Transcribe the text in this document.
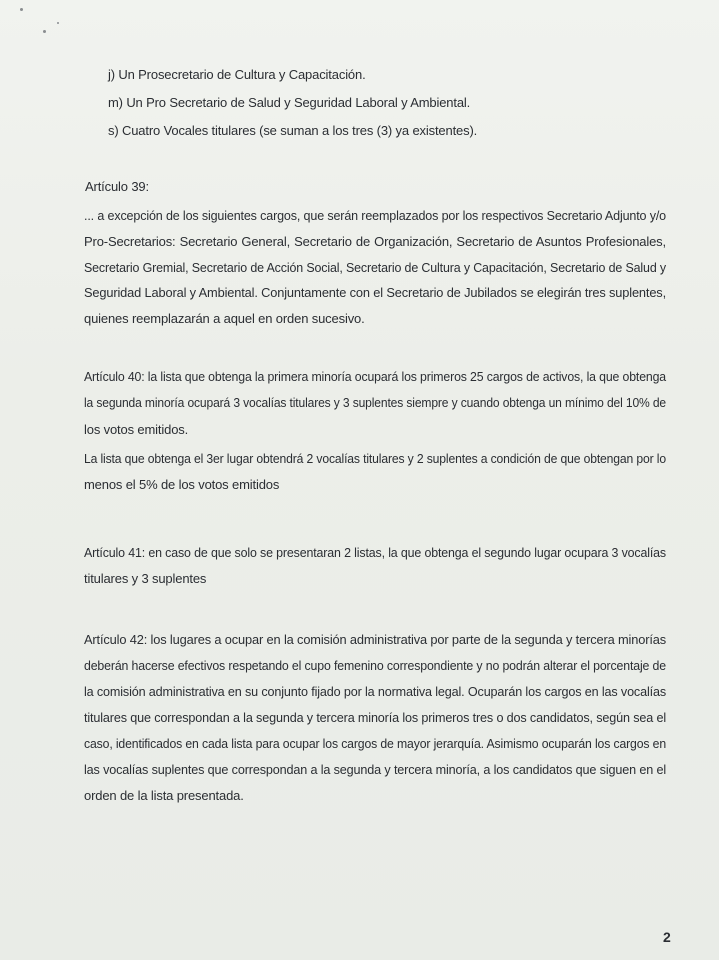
j) Un Prosecretario de Cultura y Capacitación.
m) Un Pro Secretario de Salud y Seguridad Laboral y Ambiental.
s) Cuatro Vocales titulares (se suman a los tres (3) ya existentes).
Artículo 39:
... a excepción de los siguientes cargos, que serán reemplazados por los respectivos Secretario Adjunto y/o
Pro-Secretarios: Secretario General, Secretario de Organización, Secretario de Asuntos Profesionales,
Secretario Gremial, Secretario de Acción Social, Secretario de Cultura y Capacitación, Secretario de Salud y
Seguridad Laboral y Ambiental. Conjuntamente con el Secretario de Jubilados se elegirán tres suplentes,
quienes reemplazarán a aquel en orden sucesivo.
Artículo 40: la lista que obtenga la primera minoría ocupará los primeros 25 cargos de activos, la que obtenga
la segunda minoría ocupará 3 vocalías titulares y 3 suplentes siempre y cuando obtenga un mínimo del 10% de
los votos emitidos.
La lista que obtenga el 3er lugar obtendrá 2 vocalías titulares y 2 suplentes a condición de que obtengan por lo
menos el 5% de los votos emitidos
Artículo 41: en caso de que solo se presentaran 2 listas, la que obtenga el segundo lugar ocupara 3 vocalías
titulares y 3 suplentes
Artículo 42: los lugares a ocupar en la comisión administrativa por parte de la segunda y tercera minorías
deberán hacerse efectivos respetando el cupo femenino correspondiente y no podrán alterar el porcentaje de
la comisión administrativa en su conjunto fijado por la normativa legal. Ocuparán los cargos en las vocalías
titulares que correspondan a la segunda y tercera minoría los primeros tres o dos candidatos, según sea el
caso, identificados en cada lista para ocupar los cargos de mayor jerarquía. Asimismo ocuparán los cargos en
las vocalías suplentes que correspondan a la segunda y tercera minoría, a los candidatos que siguen en el
orden de la lista presentada.
2
